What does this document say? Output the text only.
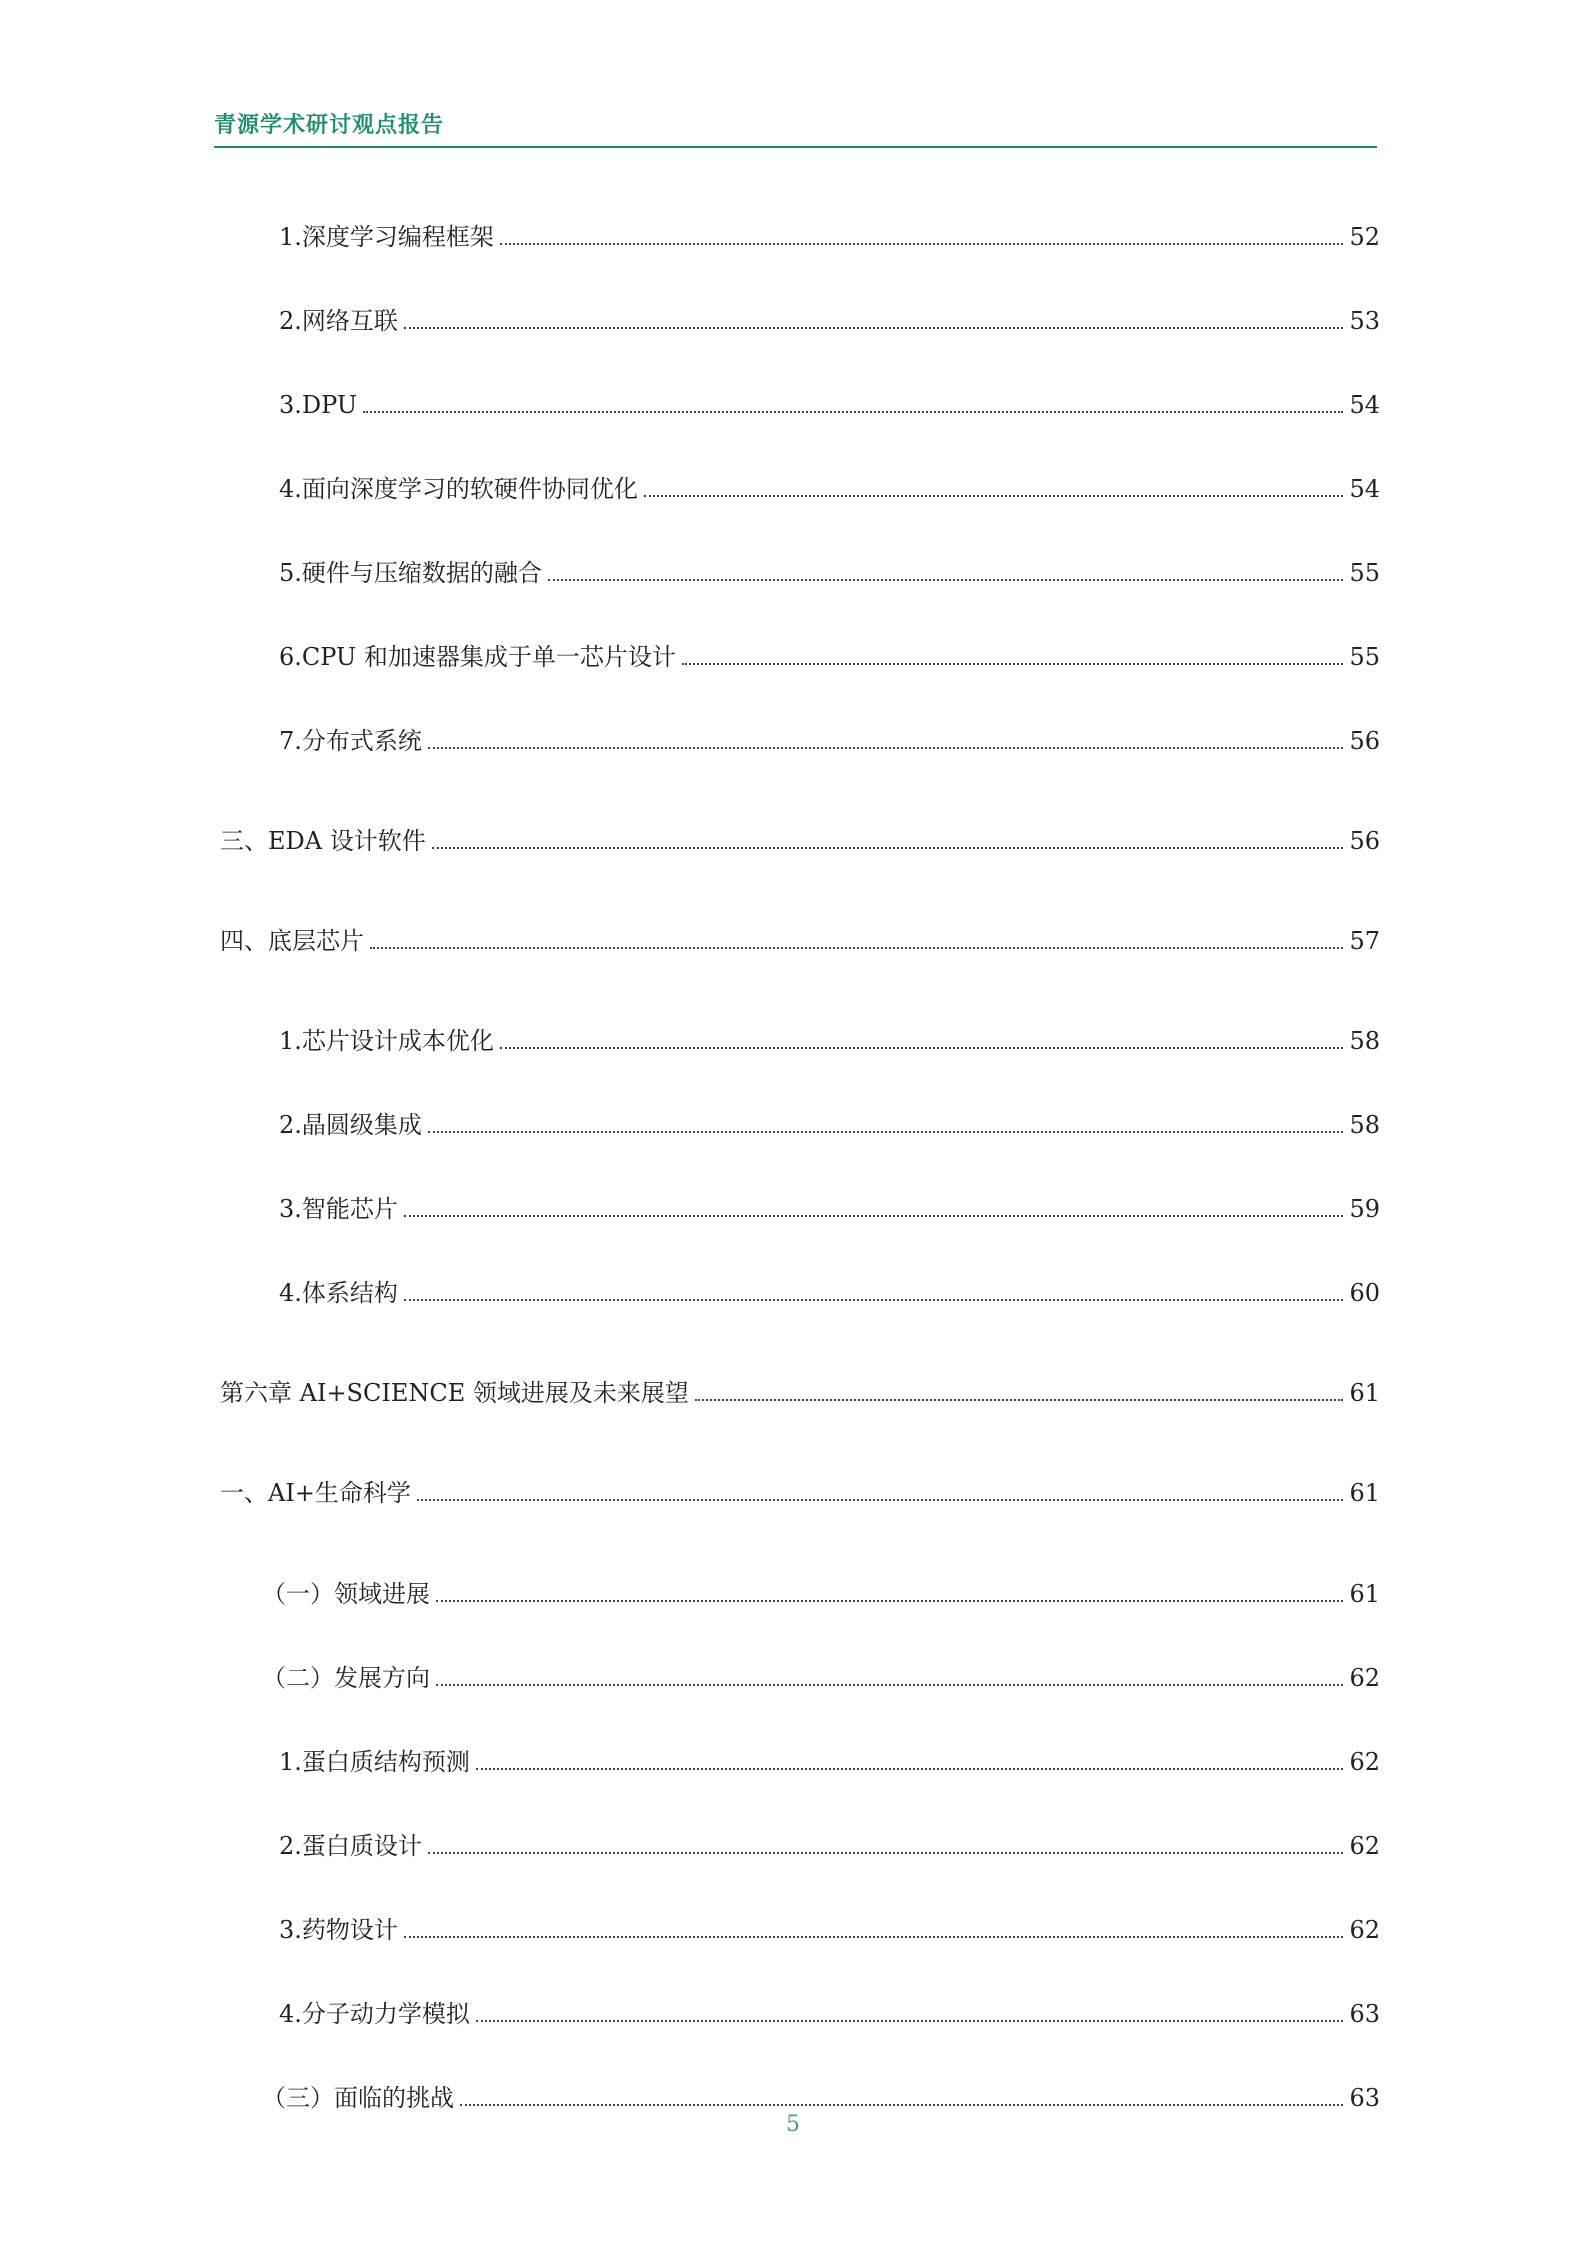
青源学术研讨观点报告
1.深度学习编程框架	52
2.网络互联	53
3.DPU	54
4.面向深度学习的软硬件协同优化	54
5.硬件与压缩数据的融合	55
6.CPU 和加速器集成于单一芯片设计	55
7.分布式系统	56
三、EDA 设计软件	56
四、底层芯片	57
1.芯片设计成本优化	58
2.晶圆级集成	58
3.智能芯片	59
4.体系结构	60
第六章 AI+SCIENCE 领域进展及未来展望	61
一、AI+生命科学	61
（一）领域进展	61
（二）发展方向	62
1.蛋白质结构预测	62
2.蛋白质设计	62
3.药物设计	62
4.分子动力学模拟	63
（三）面临的挑战	63
5
